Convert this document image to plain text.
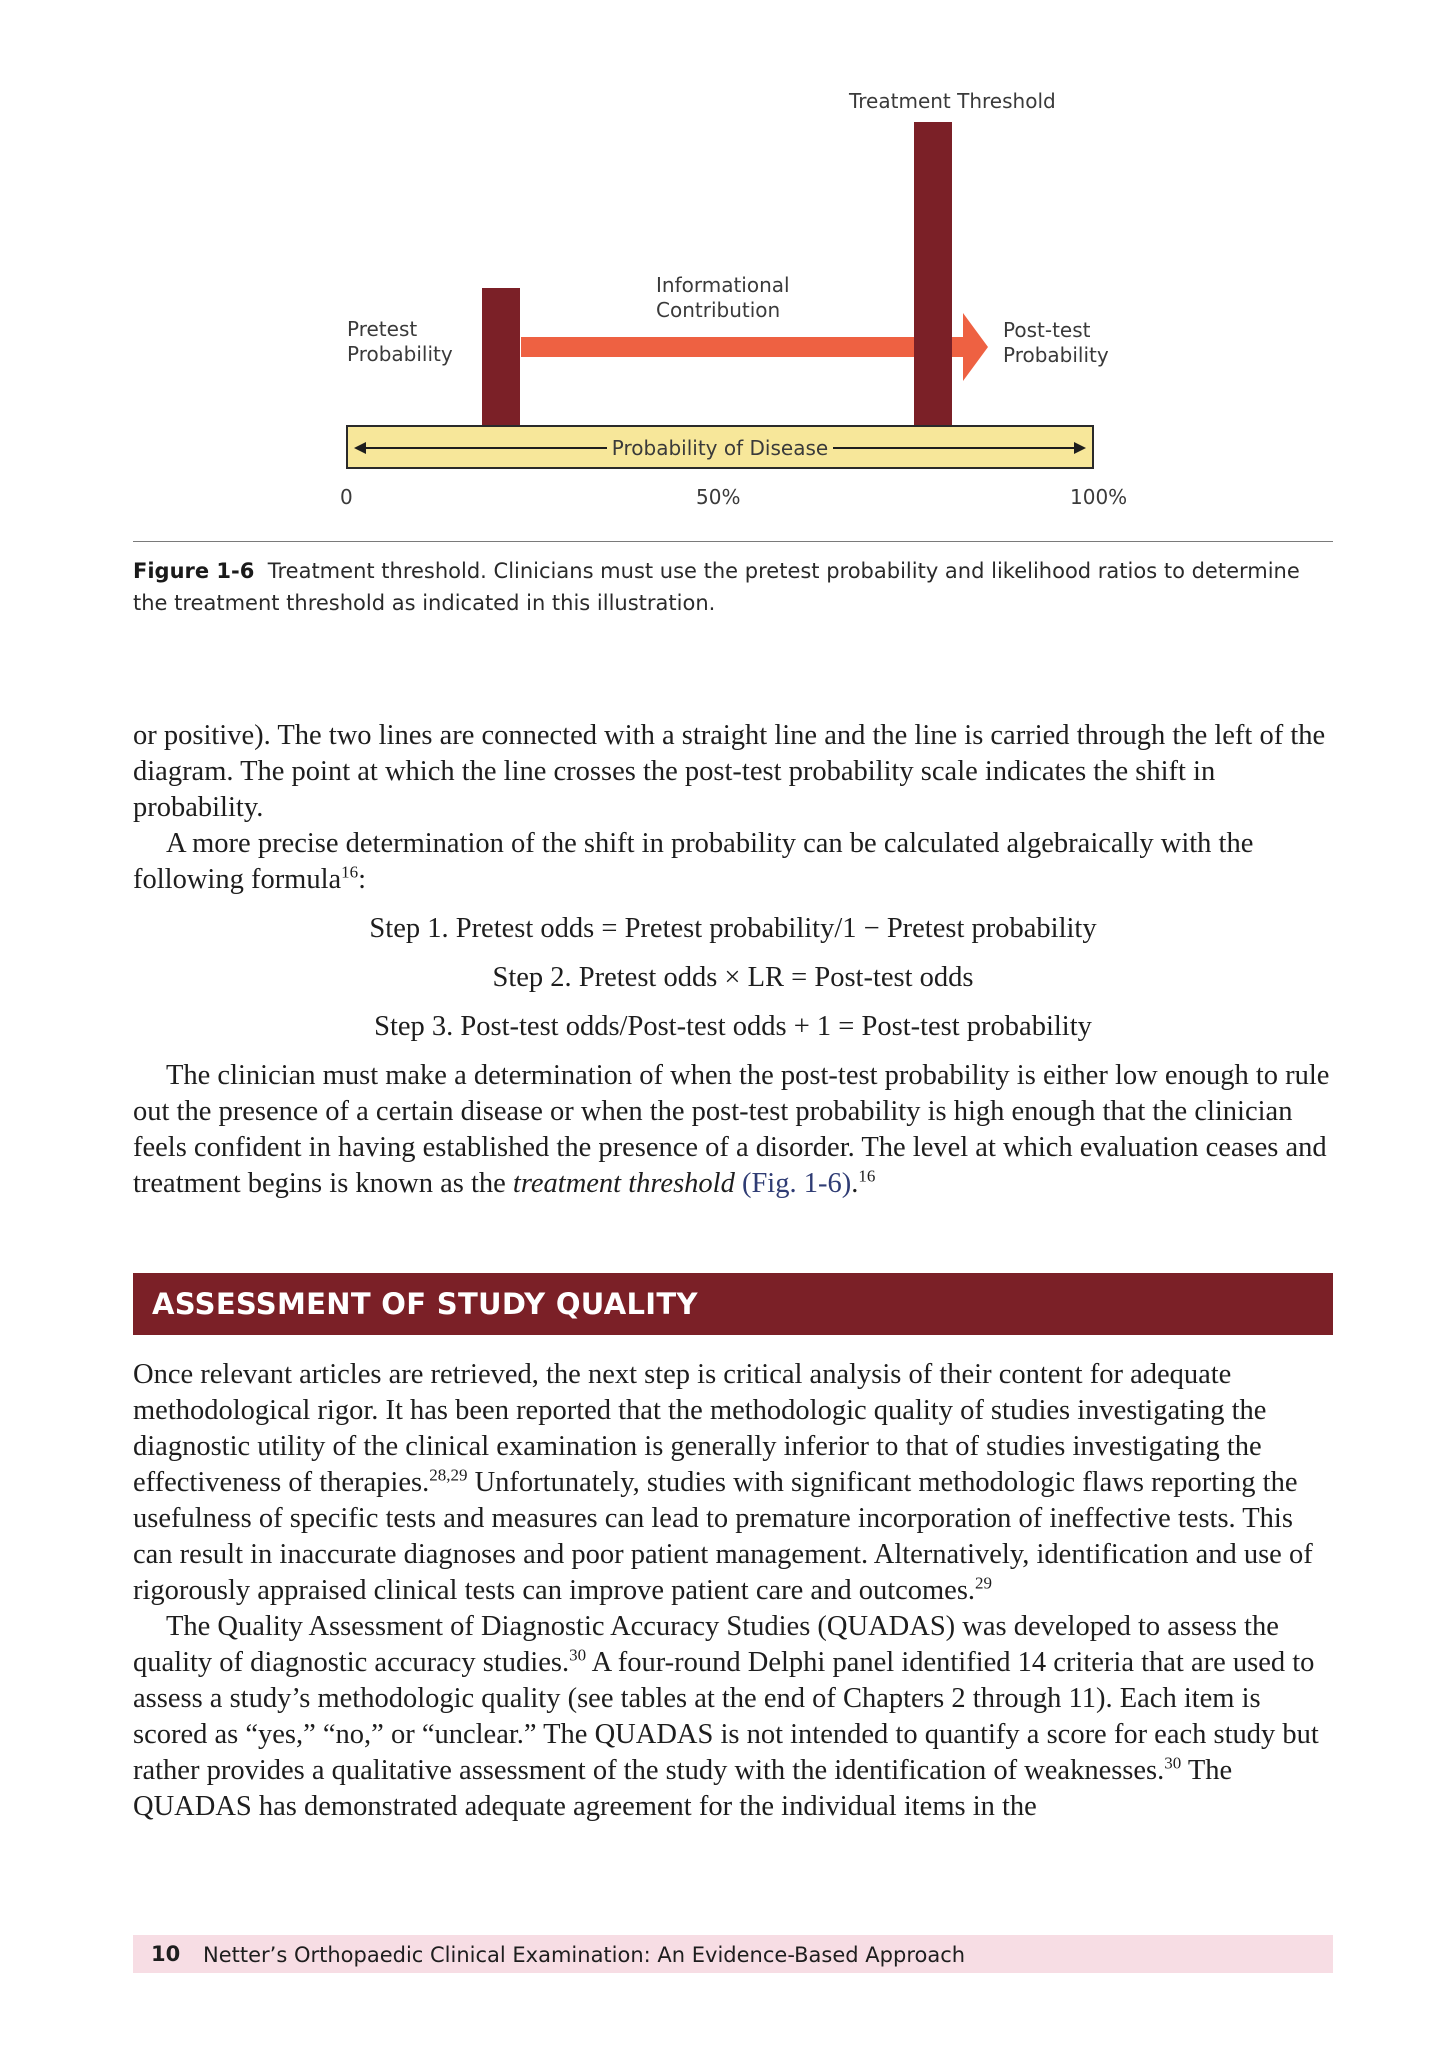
Treatment Threshold
Informational
Contribution
Pretest
Probability
Post-test
Probability
Probability of Disease
0	50%	100%
Figure 1-6 Treatment threshold. Clinicians must use the pretest probability and likelihood ratios to determine the treatment threshold as indicated in this illustration.

or positive). The two lines are connected with a straight line and the line is carried through the left of the diagram. The point at which the line crosses the post-test probability scale indicates the shift in probability.

A more precise determination of the shift in probability can be calculated algebraically with the following formula$^{16}$:

Step 1. Pretest odds = Pretest probability/1 − Pretest probability

Step 2. Pretest odds × LR = Post-test odds

Step 3. Post-test odds/Post-test odds + 1 = Post-test probability

The clinician must make a determination of when the post-test probability is either low enough to rule out the presence of a certain disease or when the post-test probability is high enough that the clinician feels confident in having established the presence of a disorder. The level at which evaluation ceases and treatment begins is known as the treatment threshold (Fig. 1-6).$^{16}$

ASSESSMENT OF STUDY QUALITY

Once relevant articles are retrieved, the next step is critical analysis of their content for adequate methodological rigor. It has been reported that the methodologic quality of studies investigating the diagnostic utility of the clinical examination is generally inferior to that of studies investigating the effectiveness of therapies.$^{28,29}$ Unfortunately, studies with significant methodologic flaws reporting the usefulness of specific tests and measures can lead to premature incorporation of ineffective tests. This can result in inaccurate diagnoses and poor patient management. Alternatively, identification and use of rigorously appraised clinical tests can improve patient care and outcomes.$^{29}$

The Quality Assessment of Diagnostic Accuracy Studies (QUADAS) was developed to assess the quality of diagnostic accuracy studies.$^{30}$ A four-round Delphi panel identified 14 criteria that are used to assess a study’s methodologic quality (see tables at the end of Chapters 2 through 11). Each item is scored as “yes,” “no,” or “unclear.” The QUADAS is not intended to quantify a score for each study but rather provides a qualitative assessment of the study with the identification of weaknesses.$^{30}$ The QUADAS has demonstrated adequate agreement for the individual items in the

10 Netter’s Orthopaedic Clinical Examination: An Evidence-Based Approach
